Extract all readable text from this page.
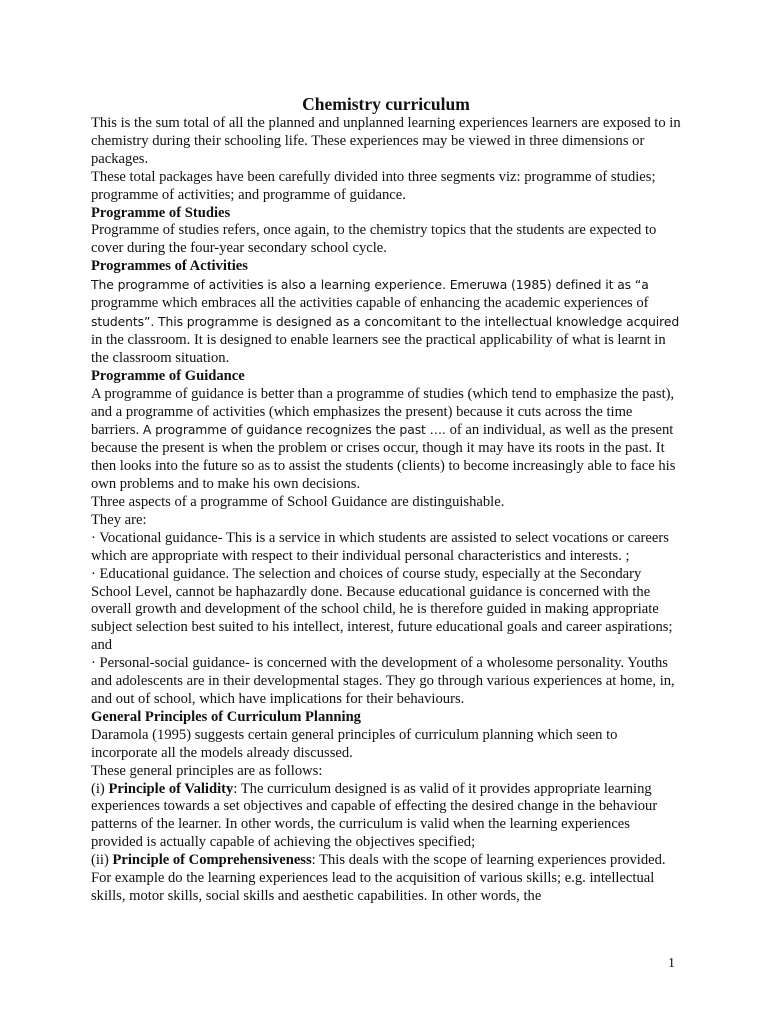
Chemistry curriculum

This is the sum total of all the planned and unplanned learning experiences learners are exposed to in chemistry during their schooling life. These experiences may be viewed in three dimensions or packages.

These total packages have been carefully divided into three segments viz: programme of studies; programme of activities; and programme of guidance.

Programme of Studies

Programme of studies refers, once again, to the chemistry topics that the students are expected to cover during the four-year secondary school cycle.

Programmes of Activities

The programme of activities is also a learning experience. Emeruwa (1985) defined it as “a
programme which embraces all the activities capable of enhancing the academic experiences of
students”. This programme is designed as a concomitant to the intellectual knowledge acquired
in the classroom. It is designed to enable learners see the practical applicability of what is learnt in the classroom situation.

Programme of Guidance

A programme of guidance is better than a programme of studies (which tend to emphasize the past), and a programme of activities (which emphasizes the present) because it cuts across the time barriers. A programme of guidance recognizes the past …. of an individual, as well as the present because the present is when the problem or crises occur, though it may have its roots in the past. It then looks into the future so as to assist the students (clients) to become increasingly able to face his own problems and to make his own decisions.

Three aspects of a programme of School Guidance are distinguishable.

They are:

· Vocational guidance- This is a service in which students are assisted to select vocations or careers which are appropriate with respect to their individual personal characteristics and interests. ;

· Educational guidance. The selection and choices of course study, especially at the Secondary School Level, cannot be haphazardly done. Because educational guidance is concerned with the overall growth and development of the school child, he is therefore guided in making appropriate subject selection best suited to his intellect, interest, future educational goals and career aspirations; and

· Personal-social guidance- is concerned with the development of a wholesome personality. Youths and adolescents are in their developmental stages. They go through various experiences at home, in, and out of school, which have implications for their behaviours.

General Principles of Curriculum Planning

Daramola (1995) suggests certain general principles of curriculum planning which seen to incorporate all the models already discussed.

These general principles are as follows:

(i) Principle of Validity: The curriculum designed is as valid of it provides appropriate learning experiences towards a set objectives and capable of effecting the desired change in the behaviour patterns of the learner. In other words, the curriculum is valid when the learning experiences provided is actually capable of achieving the objectives specified;

(ii) Principle of Comprehensiveness: This deals with the scope of learning experiences provided. For example do the learning experiences lead to the acquisition of various skills; e.g. intellectual skills, motor skills, social skills and aesthetic capabilities. In other words, the

1
